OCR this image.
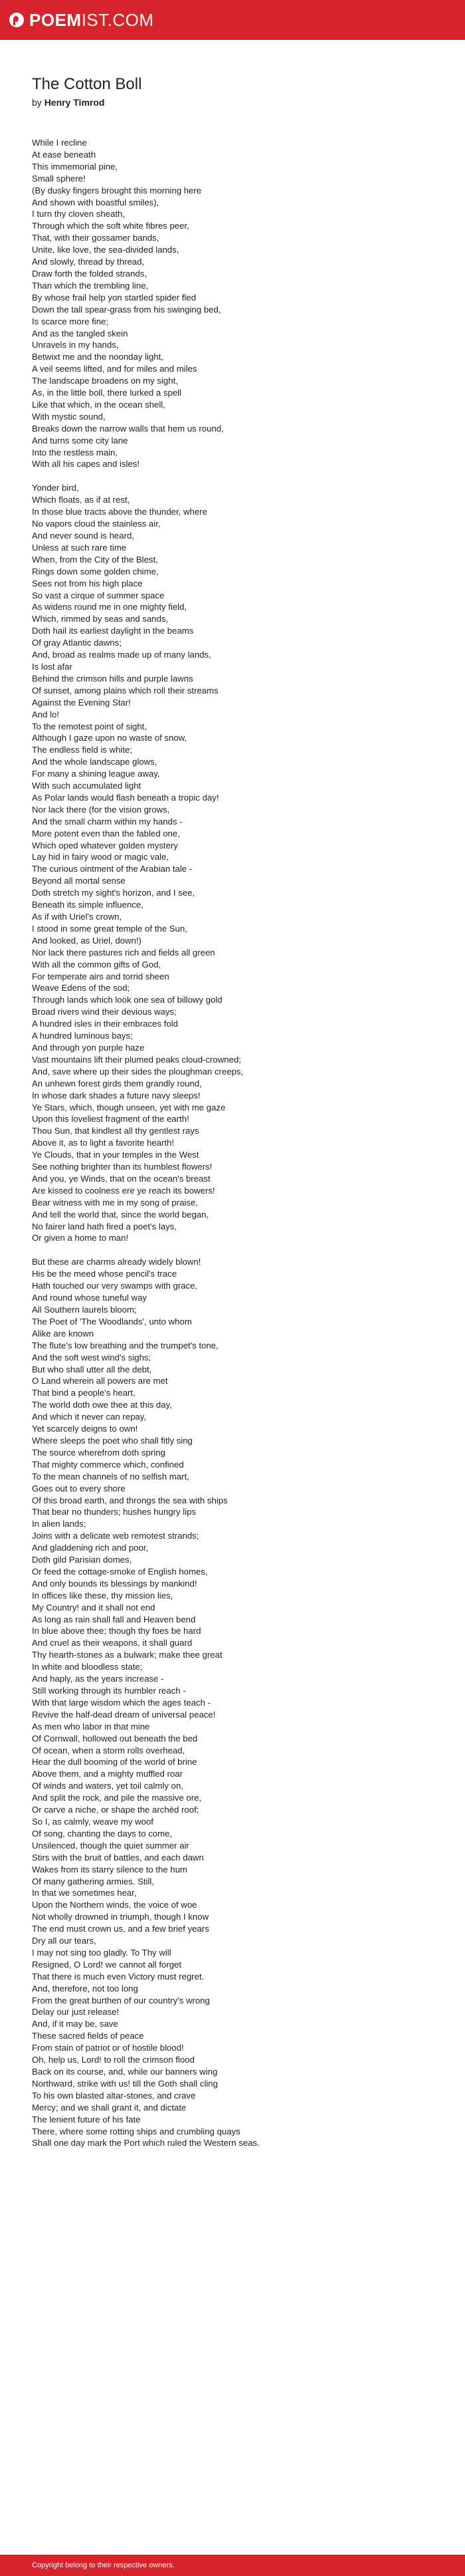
POEMIST.COM
The Cotton Boll
by Henry Timrod
While I recline
At ease beneath
This immemorial pine,
Small sphere!
(By dusky fingers brought this morning here
And shown with boastful smiles),
I turn thy cloven sheath,
Through which the soft white fibres peer,
That, with their gossamer bands,
Unite, like love, the sea-divided lands,
And slowly, thread by thread,
Draw forth the folded strands,
Than which the trembling line,
By whose frail help yon startled spider fled
Down the tall spear-grass from his swinging bed,
Is scarce more fine;
And as the tangled skein
Unravels in my hands,
Betwixt me and the noonday light,
A veil seems lifted, and for miles and miles
The landscape broadens on my sight,
As, in the little boll, there lurked a spell
Like that which, in the ocean shell,
With mystic sound,
Breaks down the narrow walls that hem us round,
And turns some city lane
Into the restless main,
With all his capes and isles!
Yonder bird,
Which floats, as if at rest,
In those blue tracts above the thunder, where
No vapors cloud the stainless air,
And never sound is heard,
Unless at such rare time
When, from the City of the Blest,
Rings down some golden chime,
Sees not from his high place
So vast a cirque of summer space
As widens round me in one mighty field,
Which, rimmed by seas and sands,
Doth hail its earliest daylight in the beams
Of gray Atlantic dawns;
And, broad as realms made up of many lands,
Is lost afar
Behind the crimson hills and purple lawns
Of sunset, among plains which roll their streams
Against the Evening Star!
And lo!
To the remotest point of sight,
Although I gaze upon no waste of snow,
The endless field is white;
And the whole landscape glows,
For many a shining league away,
With such accumulated light
As Polar lands would flash beneath a tropic day!
Nor lack there (for the vision grows,
And the small charm within my hands -
More potent even than the fabled one,
Which oped whatever golden mystery
Lay hid in fairy wood or magic vale,
The curious ointment of the Arabian tale -
Beyond all mortal sense
Doth stretch my sight's horizon, and I see,
Beneath its simple influence,
As if with Uriel's crown,
I stood in some great temple of the Sun,
And looked, as Uriel, down!)
Nor lack there pastures rich and fields all green
With all the common gifts of God,
For temperate airs and torrid sheen
Weave Edens of the sod;
Through lands which look one sea of billowy gold
Broad rivers wind their devious ways;
A hundred isles in their embraces fold
A hundred luminous bays;
And through yon purple haze
Vast mountains lift their plumed peaks cloud-crowned;
And, save where up their sides the ploughman creeps,
An unhewn forest girds them grandly round,
In whose dark shades a future navy sleeps!
Ye Stars, which, though unseen, yet with me gaze
Upon this loveliest fragment of the earth!
Thou Sun, that kindlest all thy gentlest rays
Above it, as to light a favorite hearth!
Ye Clouds, that in your temples in the West
See nothing brighter than its humblest flowers!
And you, ye Winds, that on the ocean's breast
Are kissed to coolness ere ye reach its bowers!
Bear witness with me in my song of praise,
And tell the world that, since the world began,
No fairer land hath fired a poet's lays,
Or given a home to man!
But these are charms already widely blown!
His be the meed whose pencil's trace
Hath touched our very swamps with grace,
And round whose tuneful way
All Southern laurels bloom;
The Poet of 'The Woodlands', unto whom
Alike are known
The flute's low breathing and the trumpet's tone,
And the soft west wind's sighs;
But who shall utter all the debt,
O Land wherein all powers are met
That bind a people's heart,
The world doth owe thee at this day,
And which it never can repay,
Yet scarcely deigns to own!
Where sleeps the poet who shall fitly sing
The source wherefrom doth spring
That mighty commerce which, confined
To the mean channels of no selfish mart,
Goes out to every shore
Of this broad earth, and throngs the sea with ships
That bear no thunders; hushes hungry lips
In alien lands;
Joins with a delicate web remotest strands;
And gladdening rich and poor,
Doth gild Parisian domes,
Or feed the cottage-smoke of English homes,
And only bounds its blessings by mankind!
In offices like these, thy mission lies,
My Country! and it shall not end
As long as rain shall fall and Heaven bend
In blue above thee; though thy foes be hard
And cruel as their weapons, it shall guard
Thy hearth-stones as a bulwark; make thee great
In white and bloodless state;
And haply, as the years increase -
Still working through its humbler reach -
With that large wisdom which the ages teach -
Revive the half-dead dream of universal peace!
As men who labor in that mine
Of Cornwall, hollowed out beneath the bed
Of ocean, when a storm rolls overhead,
Hear the dull booming of the world of brine
Above them, and a mighty muffled roar
Of winds and waters, yet toil calmly on,
And split the rock, and pile the massive ore,
Or carve a niche, or shape the archèd roof;
So I, as calmly, weave my woof
Of song, chanting the days to come,
Unsilenced, though the quiet summer air
Stirs with the bruit of battles, and each dawn
Wakes from its starry silence to the hum
Of many gathering armies. Still,
In that we sometimes hear,
Upon the Northern winds, the voice of woe
Not wholly drowned in triumph, though I know
The end must crown us, and a few brief years
Dry all our tears,
I may not sing too gladly. To Thy will
Resigned, O Lord! we cannot all forget
That there is much even Victory must regret.
And, therefore, not too long
From the great burthen of our country's wrong
Delay our just release!
And, if it may be, save
These sacred fields of peace
From stain of patriot or of hostile blood!
Oh, help us, Lord! to roll the crimson flood
Back on its course, and, while our banners wing
Northward, strike with us! till the Goth shall cling
To his own blasted altar-stones, and crave
Mercy; and we shall grant it, and dictate
The lenient future of his fate
There, where some rotting ships and crumbling quays
Shall one day mark the Port which ruled the Western seas.
Copyright belong to their respective owners.
